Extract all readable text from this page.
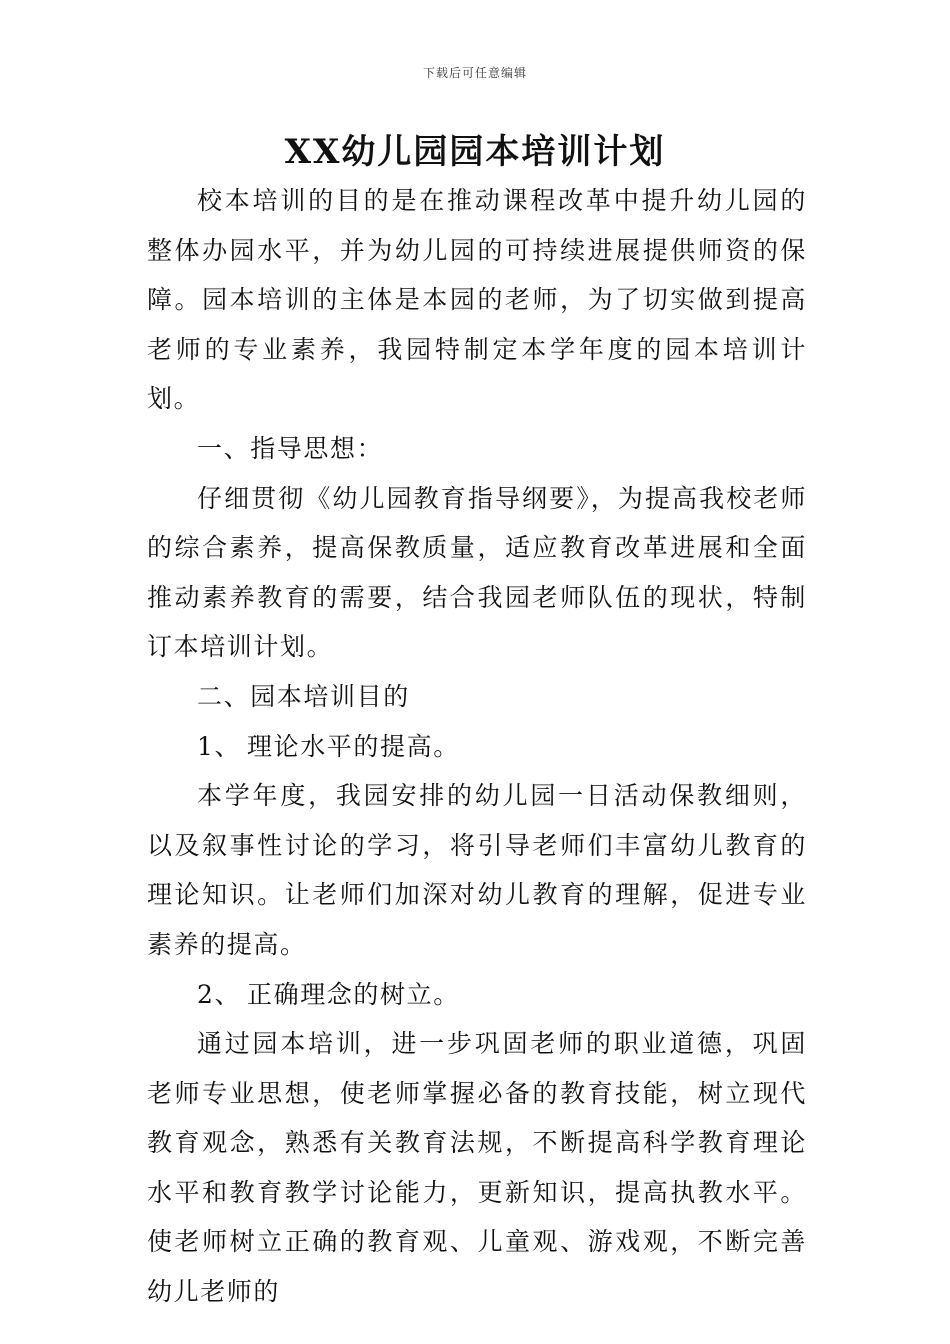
下载后可任意编辑
XX幼儿园园本培训计划

校本培训的目的是在推动课程改革中提升幼儿园的整体办园水平，并为幼儿园的可持续进展提供师资的保障。园本培训的主体是本园的老师，为了切实做到提高老师的专业素养，我园特制定本学年度的园本培训计划。

一、指导思想：

仔细贯彻《幼儿园教育指导纲要》，为提高我校老师的综合素养，提高保教质量，适应教育改革进展和全面推动素养教育的需要，结合我园老师队伍的现状，特制订本培训计划。

二、园本培训目的

1、 理论水平的提高。

本学年度，我园安排的幼儿园一日活动保教细则，以及叙事性讨论的学习，将引导老师们丰富幼儿教育的理论知识。让老师们加深对幼儿教育的理解，促进专业素养的提高。

2、 正确理念的树立。

通过园本培训，进一步巩固老师的职业道德，巩固老师专业思想，使老师掌握必备的教育技能，树立现代教育观念，熟悉有关教育法规，不断提高科学教育理论水平和教育教学讨论能力，更新知识，提高执教水平。使老师树立正确的教育观、儿童观、游戏观，不断完善幼儿老师的
